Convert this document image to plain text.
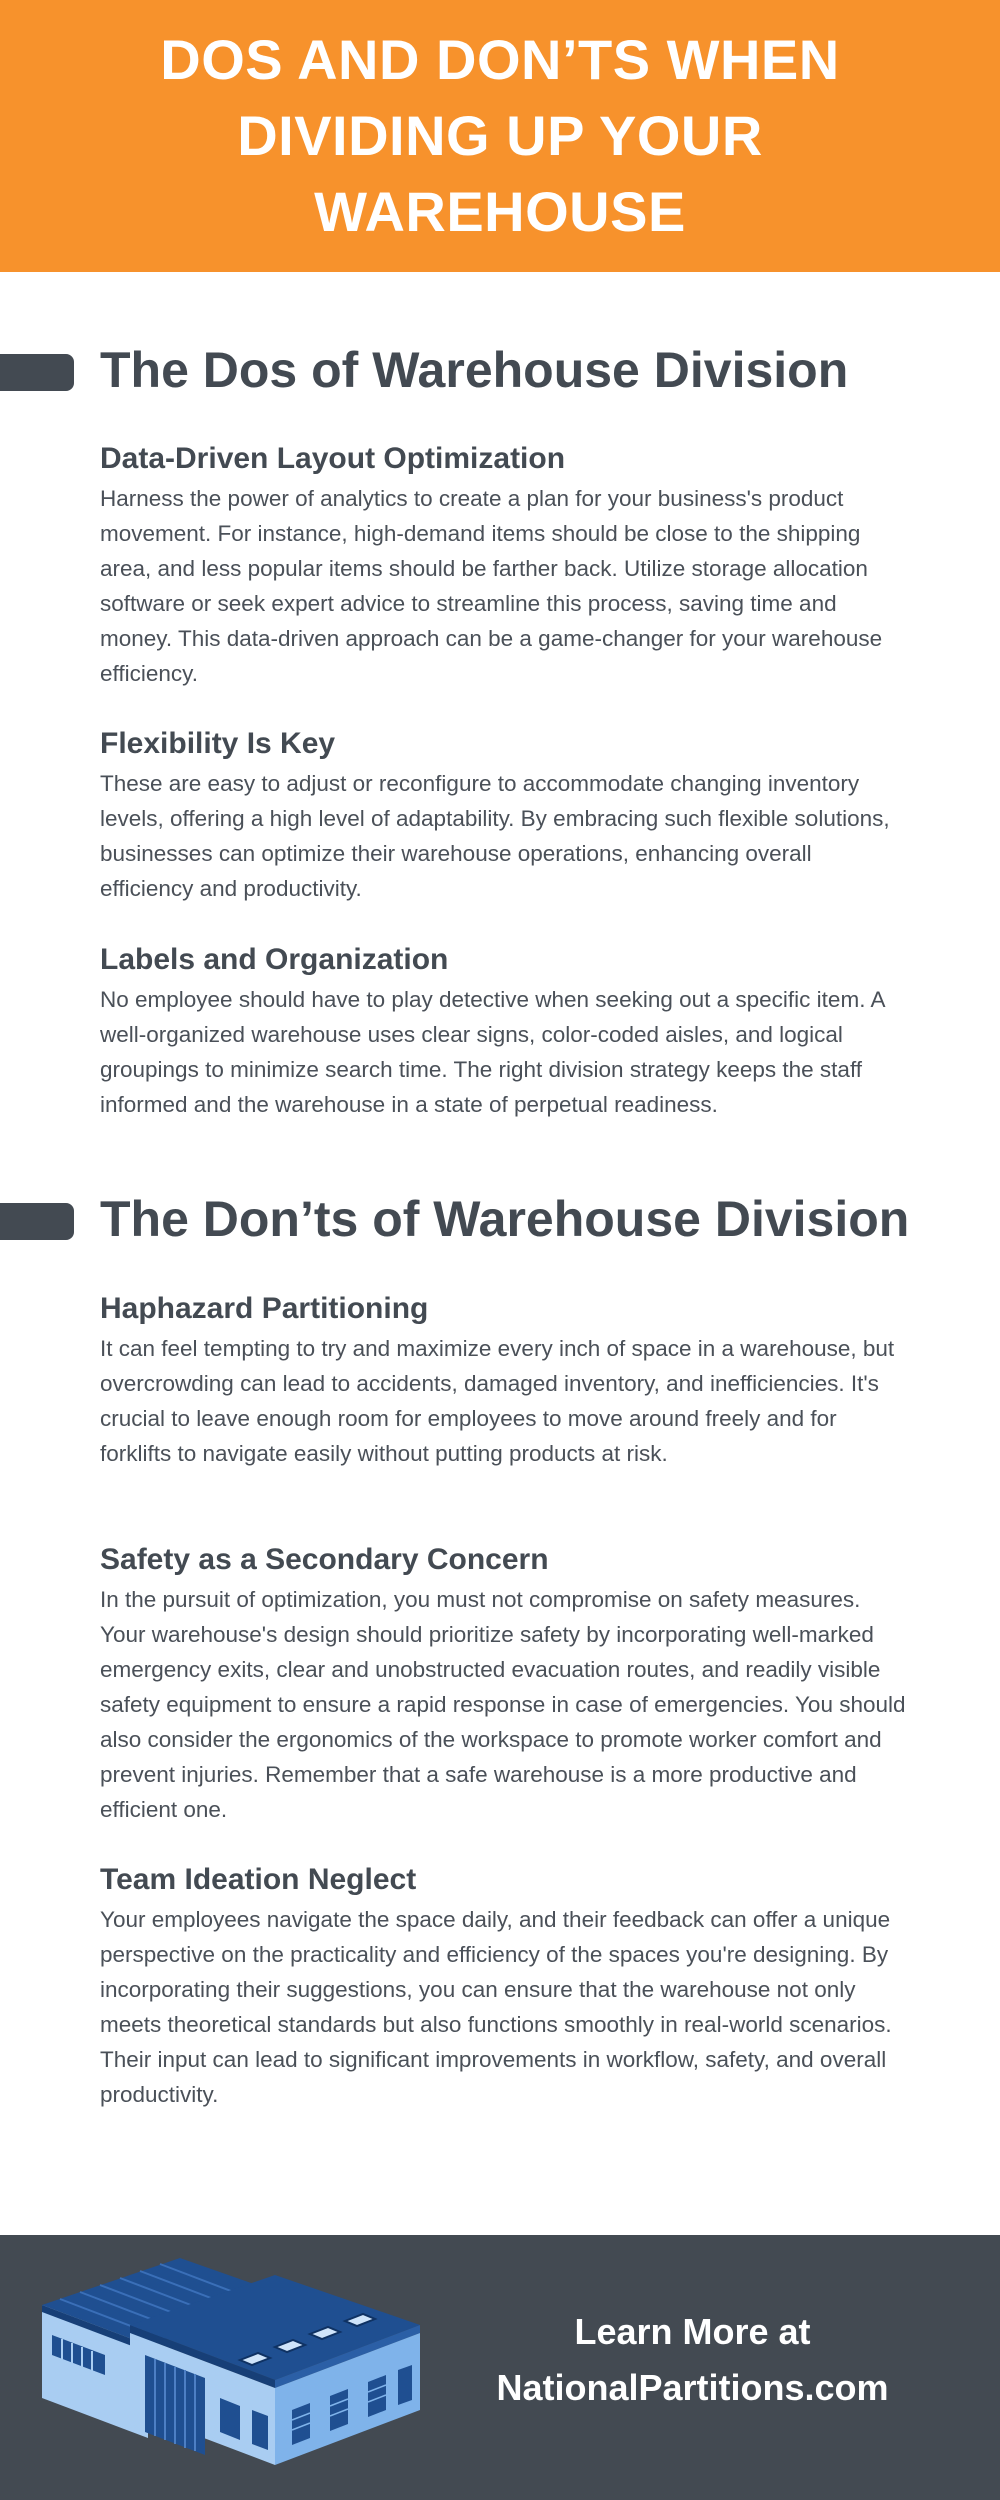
DOS AND DON’TS WHEN DIVIDING UP YOUR WAREHOUSE
The Dos of Warehouse Division
Data-Driven Layout Optimization

Harness the power of analytics to create a plan for your business's product movement. For instance, high-demand items should be close to the shipping area, and less popular items should be farther back. Utilize storage allocation software or seek expert advice to streamline this process, saving time and money. This data-driven approach can be a game-changer for your warehouse efficiency.

Flexibility Is Key

These are easy to adjust or reconfigure to accommodate changing inventory levels, offering a high level of adaptability. By embracing such flexible solutions, businesses can optimize their warehouse operations, enhancing overall efficiency and productivity.

Labels and Organization

No employee should have to play detective when seeking out a specific item. A well-organized warehouse uses clear signs, color-coded aisles, and logical groupings to minimize search time. The right division strategy keeps the staff informed and the warehouse in a state of perpetual readiness.

The Don’ts of Warehouse Division
Haphazard Partitioning

It can feel tempting to try and maximize every inch of space in a warehouse, but overcrowding can lead to accidents, damaged inventory, and inefficiencies. It's crucial to leave enough room for employees to move around freely and for forklifts to navigate easily without putting products at risk.

Safety as a Secondary Concern

In the pursuit of optimization, you must not compromise on safety measures. Your warehouse's design should prioritize safety by incorporating well-marked emergency exits, clear and unobstructed evacuation routes, and readily visible safety equipment to ensure a rapid response in case of emergencies. You should also consider the ergonomics of the workspace to promote worker comfort and prevent injuries. Remember that a safe warehouse is a more productive and efficient one.

Team Ideation Neglect

Your employees navigate the space daily, and their feedback can offer a unique perspective on the practicality and efficiency of the spaces you're designing. By incorporating their suggestions, you can ensure that the warehouse not only meets theoretical standards but also functions smoothly in real-world scenarios. Their input can lead to significant improvements in workflow, safety, and overall productivity.

Learn More at
NationalPartitions.com
